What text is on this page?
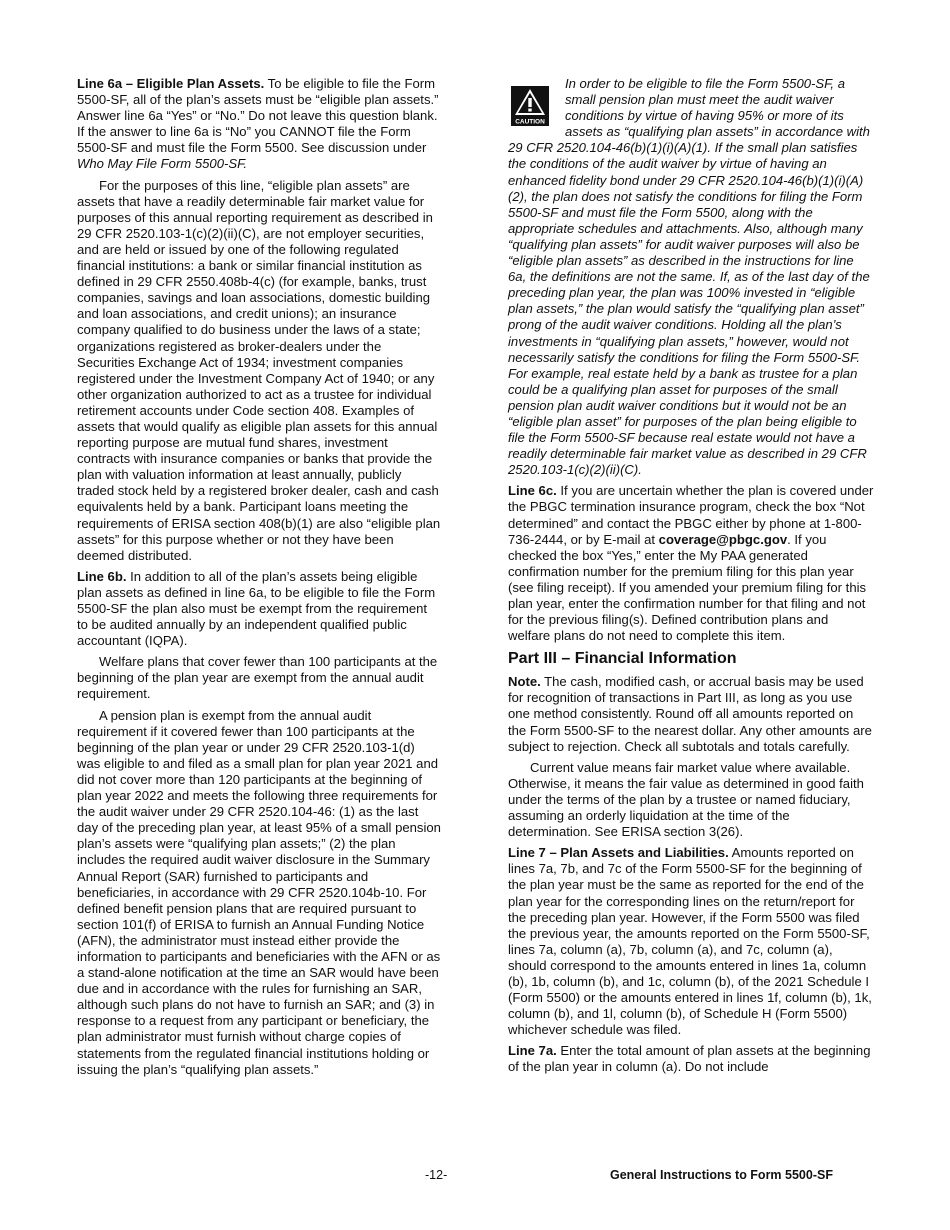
Line 6a – Eligible Plan Assets. To be eligible to file the Form 5500-SF, all of the plan’s assets must be “eligible plan assets.” Answer line 6a “Yes” or “No.” Do not leave this question blank. If the answer to line 6a is “No” you CANNOT file the Form 5500-SF and must file the Form 5500. See discussion under Who May File Form 5500-SF.

For the purposes of this line, “eligible plan assets” are assets that have a readily determinable fair market value for purposes of this annual reporting requirement as described in 29 CFR 2520.103-1(c)(2)(ii)(C), are not employer securities, and are held or issued by one of the following regulated financial institutions: a bank or similar financial institution as defined in 29 CFR 2550.408b-4(c) (for example, banks, trust companies, savings and loan associations, domestic building and loan associations, and credit unions); an insurance company qualified to do business under the laws of a state; organizations registered as broker-dealers under the Securities Exchange Act of 1934; investment companies registered under the Investment Company Act of 1940; or any other organization authorized to act as a trustee for individual retirement accounts under Code section 408. Examples of assets that would qualify as eligible plan assets for this annual reporting purpose are mutual fund shares, investment contracts with insurance companies or banks that provide the plan with valuation information at least annually, publicly traded stock held by a registered broker dealer, cash and cash equivalents held by a bank. Participant loans meeting the requirements of ERISA section 408(b)(1) are also “eligible plan assets” for this purpose whether or not they have been deemed distributed.

Line 6b. In addition to all of the plan’s assets being eligible plan assets as defined in line 6a, to be eligible to file the Form 5500-SF the plan also must be exempt from the requirement to be audited annually by an independent qualified public accountant (IQPA).

Welfare plans that cover fewer than 100 participants at the beginning of the plan year are exempt from the annual audit requirement.

A pension plan is exempt from the annual audit requirement if it covered fewer than 100 participants at the beginning of the plan year or under 29 CFR 2520.103-1(d) was eligible to and filed as a small plan for plan year 2021 and did not cover more than 120 participants at the beginning of plan year 2022 and meets the following three requirements for the audit waiver under 29 CFR 2520.104-46: (1) as the last day of the preceding plan year, at least 95% of a small pension plan’s assets were “qualifying plan assets;” (2) the plan includes the required audit waiver disclosure in the Summary Annual Report (SAR) furnished to participants and beneficiaries, in accordance with 29 CFR 2520.104b-10. For defined benefit pension plans that are required pursuant to section 101(f) of ERISA to furnish an Annual Funding Notice (AFN), the administrator must instead either provide the information to participants and beneficiaries with the AFN or as a stand-alone notification at the time an SAR would have been due and in accordance with the rules for furnishing an SAR, although such plans do not have to furnish an SAR; and (3) in response to a request from any participant or beneficiary, the plan administrator must furnish without charge copies of statements from the regulated financial institutions holding or issuing the plan’s “qualifying plan assets.”

CAUTION
In order to be eligible to file the Form 5500-SF, a small pension plan must meet the audit waiver conditions by virtue of having 95% or more of its assets as “qualifying plan assets” in accordance with 29 CFR 2520.104-46(b)(1)(i)(A)(1). If the small plan satisfies the conditions of the audit waiver by virtue of having an enhanced fidelity bond under 29 CFR 2520.104-46(b)(1)(i)(A)(2), the plan does not satisfy the conditions for filing the Form 5500-SF and must file the Form 5500, along with the appropriate schedules and attachments. Also, although many “qualifying plan assets” for audit waiver purposes will also be “eligible plan assets” as described in the instructions for line 6a, the definitions are not the same. If, as of the last day of the preceding plan year, the plan was 100% invested in “eligible plan assets,” the plan would satisfy the “qualifying plan asset” prong of the audit waiver conditions. Holding all the plan’s investments in “qualifying plan assets,” however, would not necessarily satisfy the conditions for filing the Form 5500-SF. For example, real estate held by a bank as trustee for a plan could be a qualifying plan asset for purposes of the small pension plan audit waiver conditions but it would not be an “eligible plan asset” for purposes of the plan being eligible to file the Form 5500-SF because real estate would not have a readily determinable fair market value as described in 29 CFR 2520.103-1(c)(2)(ii)(C).

Line 6c. If you are uncertain whether the plan is covered under the PBGC termination insurance program, check the box “Not determined” and contact the PBGC either by phone at 1-800-736-2444, or by E-mail at coverage@pbgc.gov. If you checked the box “Yes,” enter the My PAA generated confirmation number for the premium filing for this plan year (see filing receipt). If you amended your premium filing for this plan year, enter the confirmation number for that filing and not for the previous filing(s). Defined contribution plans and welfare plans do not need to complete this item.

Part III – Financial Information

Note. The cash, modified cash, or accrual basis may be used for recognition of transactions in Part III, as long as you use one method consistently. Round off all amounts reported on the Form 5500-SF to the nearest dollar. Any other amounts are subject to rejection. Check all subtotals and totals carefully.

Current value means fair market value where available. Otherwise, it means the fair value as determined in good faith under the terms of the plan by a trustee or named fiduciary, assuming an orderly liquidation at the time of the determination. See ERISA section 3(26).

Line 7 – Plan Assets and Liabilities. Amounts reported on lines 7a, 7b, and 7c of the Form 5500-SF for the beginning of the plan year must be the same as reported for the end of the plan year for the corresponding lines on the return/report for the preceding plan year. However, if the Form 5500 was filed the previous year, the amounts reported on the Form 5500-SF, lines 7a, column (a), 7b, column (a), and 7c, column (a), should correspond to the amounts entered in lines 1a, column (b), 1b, column (b), and 1c, column (b), of the 2021 Schedule I (Form 5500) or the amounts entered in lines 1f, column (b), 1k, column (b), and 1l, column (b), of Schedule H (Form 5500) whichever schedule was filed.

Line 7a. Enter the total amount of plan assets at the beginning of the plan year in column (a). Do not include

-12-	General Instructions to Form 5500-SF
